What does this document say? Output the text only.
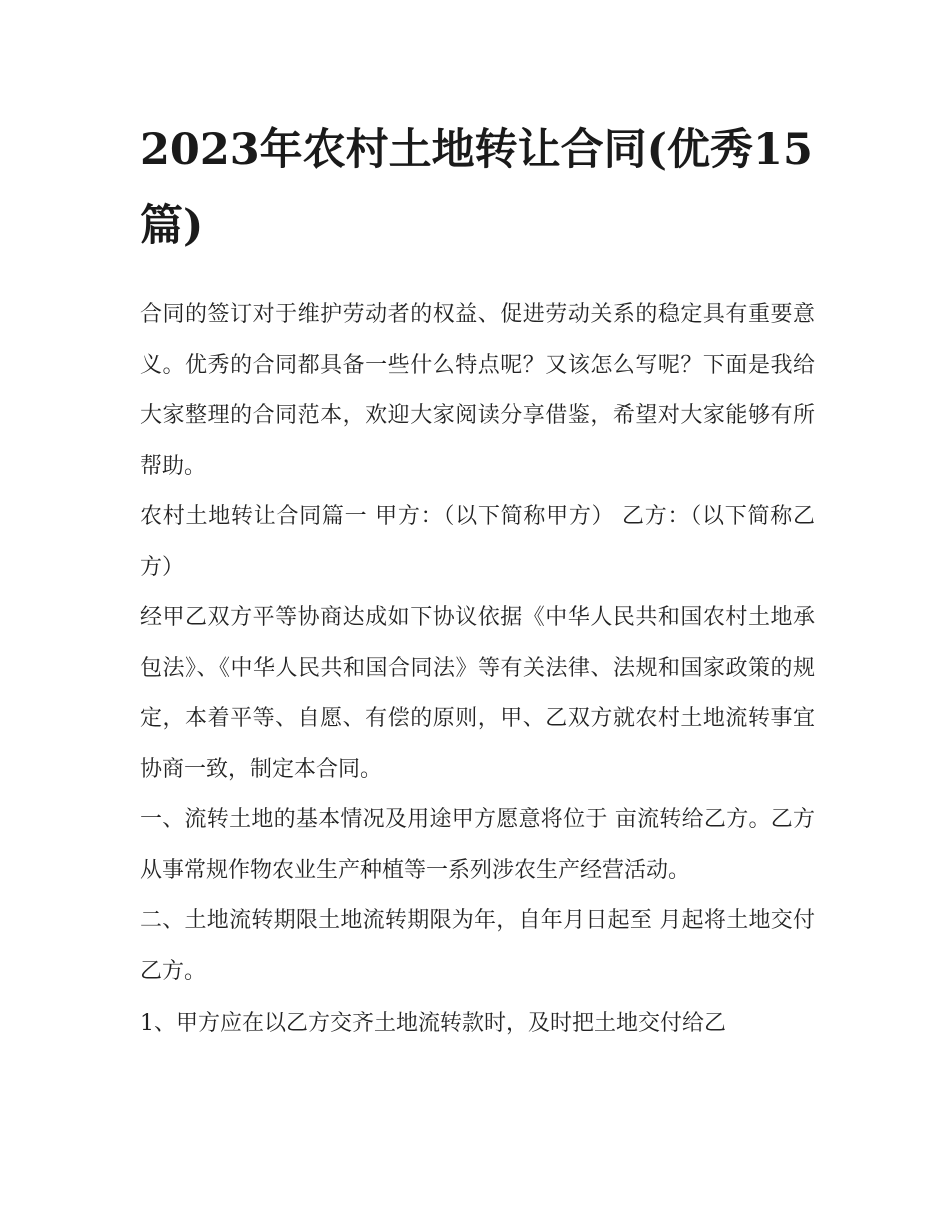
2023年农村土地转让合同(优秀15篇)

合同的签订对于维护劳动者的权益、促进劳动关系的稳定具有重要意义。优秀的合同都具备一些什么特点呢？又该怎么写呢？下面是我给大家整理的合同范本，欢迎大家阅读分享借鉴，希望对大家能够有所帮助。

农村土地转让合同篇一 甲方：（以下简称甲方） 乙方：（以下简称乙方）

经甲乙双方平等协商达成如下协议依据《中华人民共和国农村土地承包法》、《中华人民共和国合同法》等有关法律、法规和国家政策的规定，本着平等、自愿、有偿的原则，甲、乙双方就农村土地流转事宜协商一致，制定本合同。

一、流转土地的基本情况及用途甲方愿意将位于 亩流转给乙方。乙方从事常规作物农业生产种植等一系列涉农生产经营活动。

二、土地流转期限土地流转期限为年，自年月日起至 月起将土地交付乙方。

1、甲方应在以乙方交齐土地流转款时，及时把土地交付给乙
